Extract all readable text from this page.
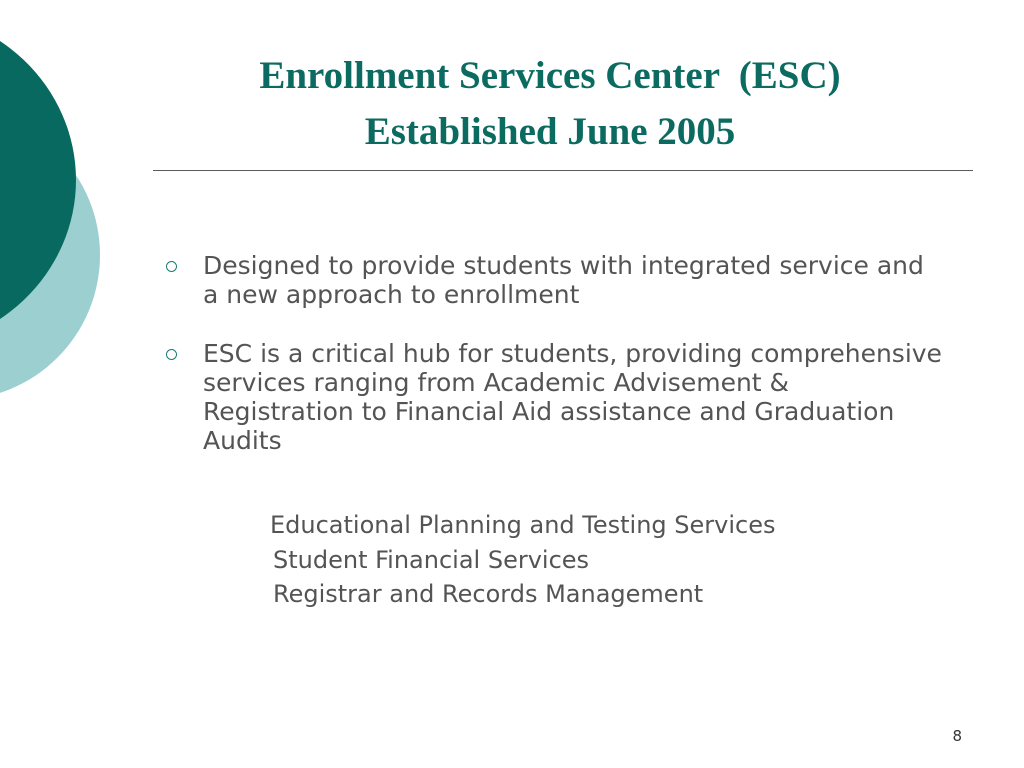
Enrollment Services Center  (ESC)
Established June 2005
Designed to provide students with integrated service and a new approach to enrollment
ESC is a critical hub for students, providing comprehensive services ranging from Academic Advisement & Registration to Financial Aid assistance and Graduation Audits
Educational Planning and Testing Services
Student Financial Services
Registrar and Records Management
8
